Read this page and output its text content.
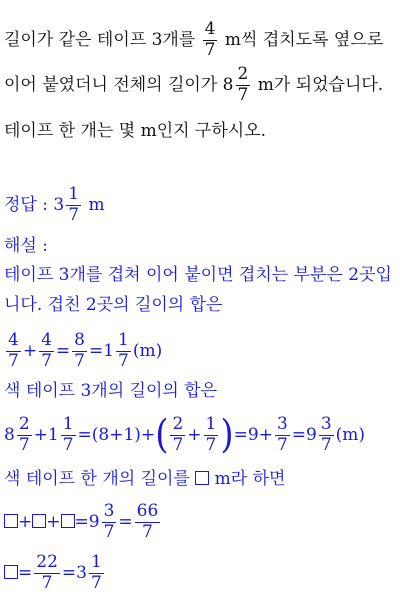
길이가 같은 테이프 3개를 $\frac{4}{7}$ m씩 겹치도록 옆으로
이어 붙였더니 전체의 길이가 $8 \frac{2}{7}$ m가 되었습니다.
테이프 한 개는 몇 m인지 구하시오.
정답 : $3 \frac{1}{7}$ m
해설 :
테이프 3개를 겹쳐 이어 붙이면 겹치는 부분은 2곳입
니다. 겹친 2곳의 길이의 합은
$\frac{4}{7} + \frac{4}{7} = \frac{8}{7} =1 \frac{1}{7} (m)$
색 테이프 3개의 길이의 합은
$8 \frac{2}{7} +1 \frac{1}{7} =(8+1)+( \frac{2}{7} + \frac{1}{7} )=9+ \frac{3}{7} =9 \frac{3}{7} (m)$
색 테이프 한 개의 길이를 m라 하면
+ + $=9 \frac{3}{7} = \frac{66}{7}$
= $\frac{22}{7} =3 \frac{1}{7}$
